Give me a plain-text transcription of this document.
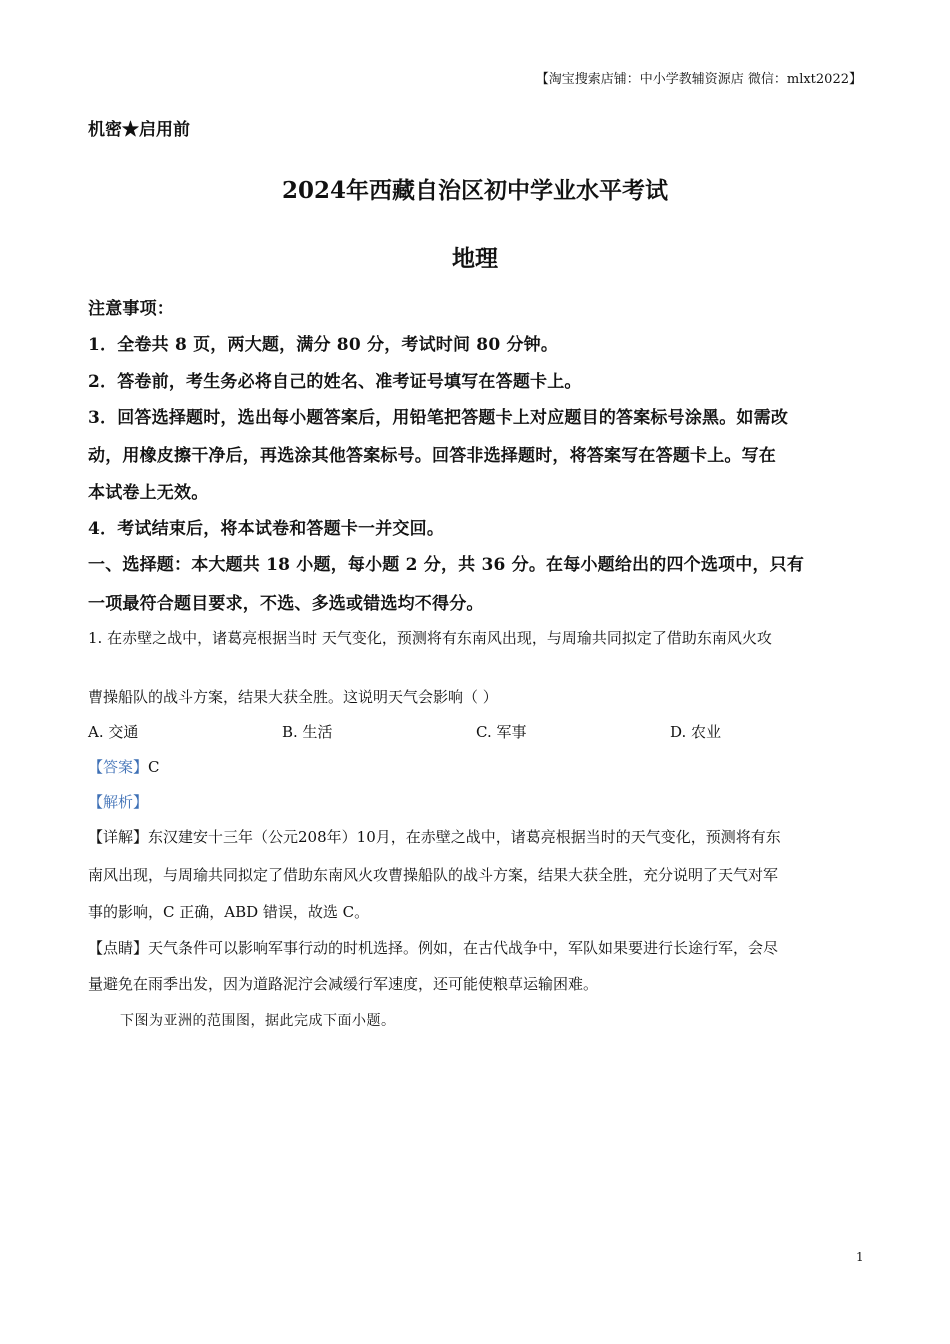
【淘宝搜索店铺：中小学教辅资源店 微信：mlxt2022】
机密★启用前
2024年西藏自治区初中学业水平考试
地理
注意事项：
1．全卷共 8 页，两大题，满分 80 分，考试时间 80 分钟。
2．答卷前，考生务必将自己的姓名、准考证号填写在答题卡上。
3．回答选择题时，选出每小题答案后，用铅笔把答题卡上对应题目的答案标号涂黑。如需改
动，用橡皮擦干净后，再选涂其他答案标号。回答非选择题时，将答案写在答题卡上。写在
本试卷上无效。
4．考试结束后，将本试卷和答题卡一并交回。
一、选择题：本大题共 18 小题，每小题 2 分，共 36 分。在每小题给出的四个选项中，只有
一项最符合题目要求，不选、多选或错选均不得分。
1. 在赤壁之战中，诸葛亮根据当时 天气变化，预测将有东南风出现，与周瑜共同拟定了借助东南风火攻
曹操船队的战斗方案，结果大获全胜。这说明天气会影响（ ）
A. 交通	B. 生活	C. 军事	D. 农业
【答案】C
【解析】
【详解】东汉建安十三年（公元208年）10月，在赤壁之战中，诸葛亮根据当时的天气变化，预测将有东
南风出现，与周瑜共同拟定了借助东南风火攻曹操船队的战斗方案，结果大获全胜，充分说明了天气对军
事的影响，C 正确，ABD 错误，故选 C。
【点睛】天气条件可以影响军事行动的时机选择。例如，在古代战争中，军队如果要进行长途行军，会尽
量避免在雨季出发，因为道路泥泞会减缓行军速度，还可能使粮草运输困难。
下图为亚洲的范围图，据此完成下面小题。
1
